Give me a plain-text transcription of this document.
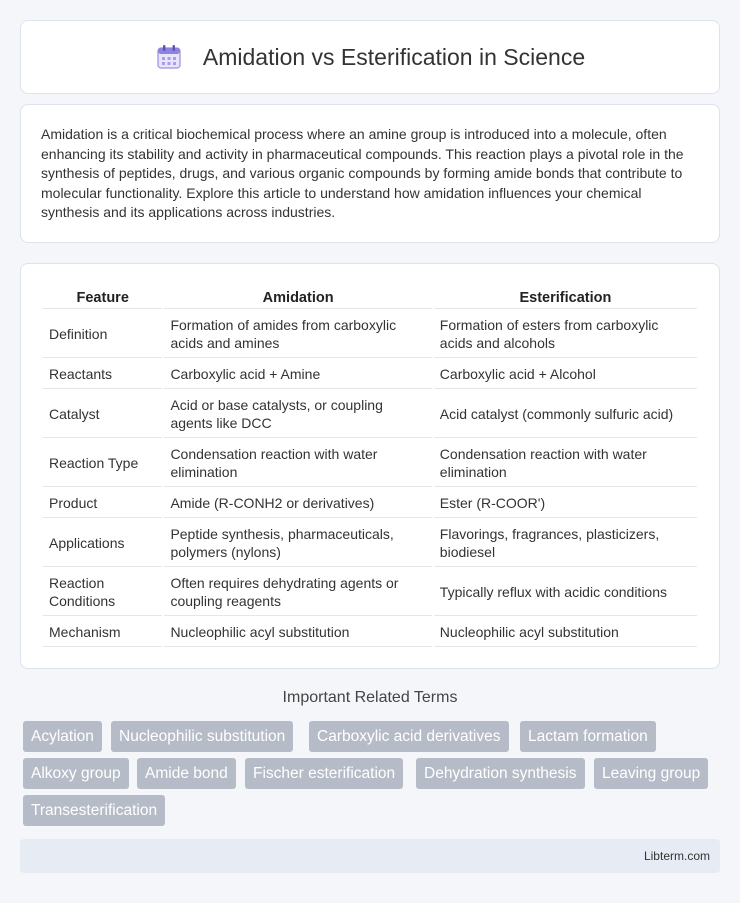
Amidation vs Esterification in Science

Amidation is a critical biochemical process where an amine group is introduced into a molecule, often enhancing its stability and activity in pharmaceutical compounds. This reaction plays a pivotal role in the synthesis of peptides, drugs, and various organic compounds by forming amide bonds that contribute to molecular functionality. Explore this article to understand how amidation influences your chemical synthesis and its applications across industries.

Feature	Amidation	Esterification
Definition	Formation of amides from carboxylic acids and amines	Formation of esters from carboxylic acids and alcohols
Reactants	Carboxylic acid + Amine	Carboxylic acid + Alcohol
Catalyst	Acid or base catalysts, or coupling agents like DCC	Acid catalyst (commonly sulfuric acid)
Reaction Type	Condensation reaction with water elimination	Condensation reaction with water elimination
Product	Amide (R-CONH2 or derivatives)	Ester (R-COOR')
Applications	Peptide synthesis, pharmaceuticals, polymers (nylons)	Flavorings, fragrances, plasticizers, biodiesel
Reaction Conditions	Often requires dehydrating agents or coupling reagents	Typically reflux with acidic conditions
Mechanism	Nucleophilic acyl substitution	Nucleophilic acyl substitution
Important Related Terms
Acylation	Nucleophilic substitution	Carboxylic acid derivatives	Lactam formation
Alkoxy group	Amide bond	Fischer esterification	Dehydration synthesis	Leaving group
Transesterification
Libterm.com
